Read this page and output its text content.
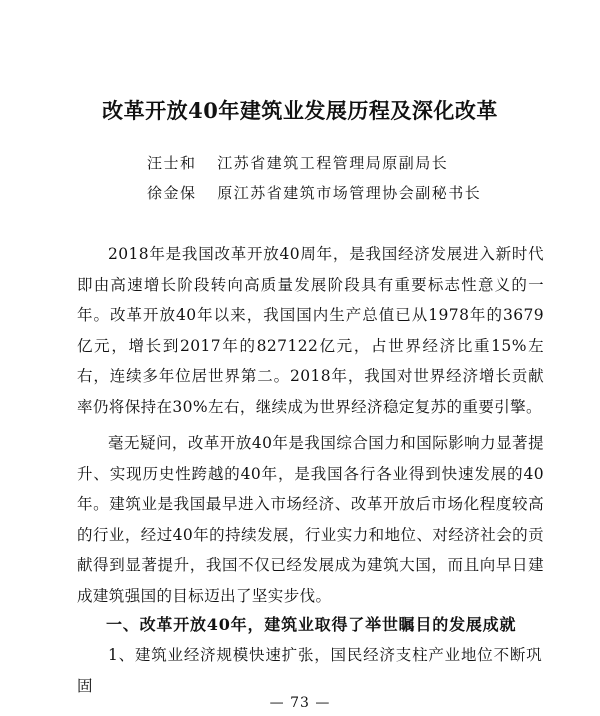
改革开放40年建筑业发展历程及深化改革
汪士和 江苏省建筑工程管理局原副局长
徐金保 原江苏省建筑市场管理协会副秘书长

2018年是我国改革开放40周年，是我国经济发展进入新时代即由高速增长阶段转向高质量发展阶段具有重要标志性意义的一年。改革开放40年以来，我国国内生产总值已从1978年的3679亿元，增长到2017年的827122亿元，占世界经济比重15%左右，连续多年位居世界第二。2018年，我国对世界经济增长贡献率仍将保持在30%左右，继续成为世界经济稳定复苏的重要引擎。

毫无疑问，改革开放40年是我国综合国力和国际影响力显著提升、实现历史性跨越的40年，是我国各行各业得到快速发展的40年。建筑业是我国最早进入市场经济、改革开放后市场化程度较高的行业，经过40年的持续发展，行业实力和地位、对经济社会的贡献得到显著提升，我国不仅已经发展成为建筑大国，而且向早日建成建筑强国的目标迈出了坚实步伐。

一、改革开放40年，建筑业取得了举世瞩目的发展成就

1、建筑业经济规模快速扩张，国民经济支柱产业地位不断巩固

— 73 —
